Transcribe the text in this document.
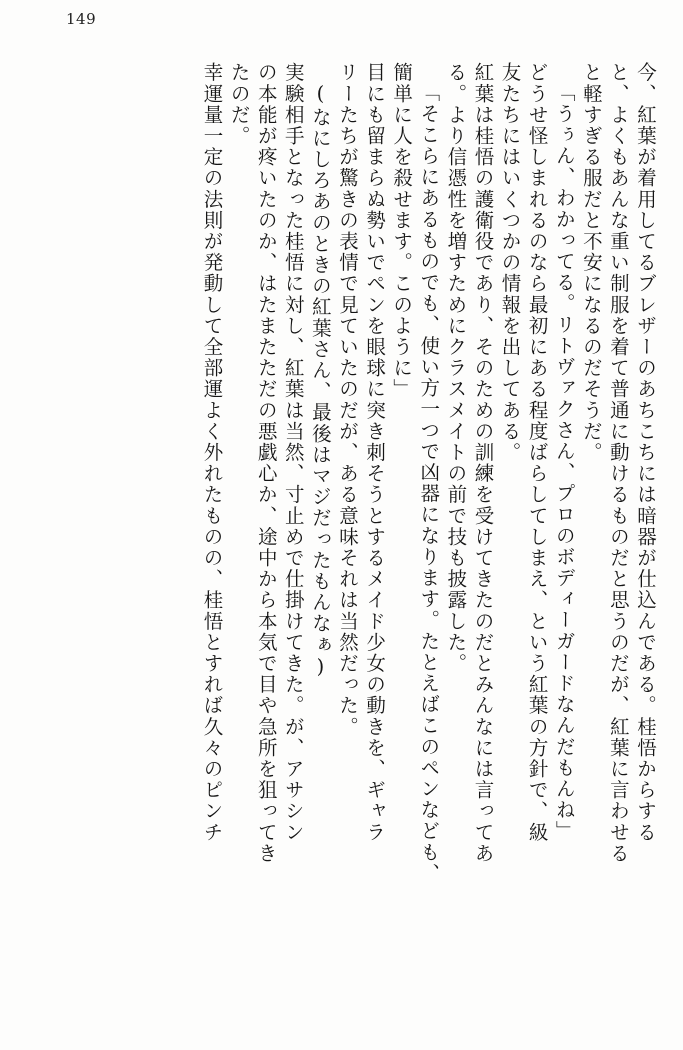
149
今、紅葉が着用してるブレザーのあちこちには暗器が仕込んである。桂悟からする
と、よくもあんな重い制服を着て普通に動けるものだと思うのだが、紅葉に言わせる
と軽すぎる服だと不安になるのだそうだ。
「うぅん、わかってる。リトヴァクさん、プロのボディーガードなんだもんね」
どうせ怪しまれるのなら最初にある程度ばらしてしまえ、という紅葉の方針で、級
友たちにはいくつかの情報を出してある。
紅葉は桂悟の護衛役であり、そのための訓練を受けてきたのだとみんなには言ってあ
る。より信憑性を増すためにクラスメイトの前で技も披露した。
「そこらにあるものでも、使い方一つで凶器になります。たとえばこのペンなども、
簡単に人を殺せます。このように」
目にも留まらぬ勢いでペンを眼球に突き刺そうとするメイド少女の動きを、ギャラ
リーたちが驚きの表情で見ていたのだが、ある意味それは当然だった。
(なにしろあのときの紅葉さん、最後はマジだったもんなぁ)
実験相手となった桂悟に対し、紅葉は当然、寸止めで仕掛けてきた。が、アサシン
の本能が疼いたのか、はたまたただの悪戯心か、途中から本気で目や急所を狙ってき
たのだ。
幸運量一定の法則が発動して全部運よく外れたものの、桂悟とすれば久々のピンチ
